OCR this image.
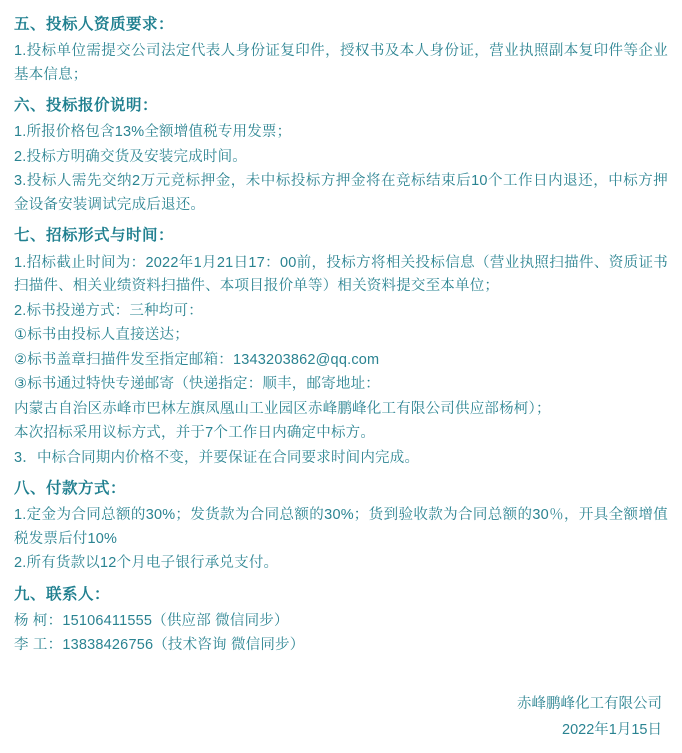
五、投标人资质要求：
1.投标单位需提交公司法定代表人身份证复印件，授权书及本人身份证，营业执照副本复印件等企业基本信息；
六、投标报价说明：
1.所报价格包含13%全额增值税专用发票；
2.投标方明确交货及安装完成时间。
3.投标人需先交纳2万元竞标押金，未中标投标方押金将在竞标结束后10个工作日内退还，中标方押金设备安装调试完成后退还。
七、招标形式与时间：
1.招标截止时间为：2022年1月21日17：00前，投标方将相关投标信息（营业执照扫描件、资质证书扫描件、相关业绩资料扫描件、本项目报价单等）相关资料提交至本单位；
2.标书投递方式：三种均可：
①标书由投标人直接送达；
②标书盖章扫描件发至指定邮箱：1343203862@qq.com
③标书通过特快专递邮寄（快递指定：顺丰，邮寄地址：
内蒙古自治区赤峰市巴林左旗凤凰山工业园区赤峰鹏峰化工有限公司供应部杨柯）；
本次招标采用议标方式，并于7个工作日内确定中标方。
3．中标合同期内价格不变，并要保证在合同要求时间内完成。
八、付款方式：
1.定金为合同总额的30%；发货款为合同总额的30%；货到验收款为合同总额的30％，开具全额增值税发票后付10%
2.所有货款以12个月电子银行承兑支付。
九、联系人：
杨 柯：15106411555（供应部 微信同步）
李 工：13838426756（技术咨询 微信同步）
赤峰鹏峰化工有限公司
2022年1月15日
